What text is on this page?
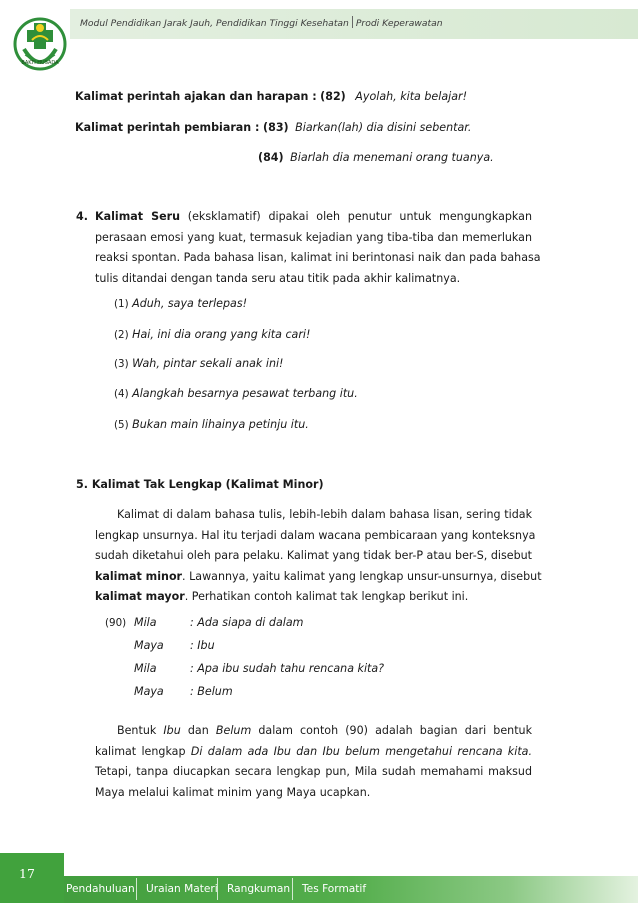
Modul Pendidikan Jarak Jauh, Pendidikan Tinggi Kesehatan Prodi Keperawatan
BAKTI HUSADA
Kalimat perintah ajakan dan harapan : (82) Ayolah, kita belajar!
Kalimat perintah pembiaran : (83) Biarkan(lah) dia disini sebentar.
(84) Biarlah dia menemani orang tuanya.
4. Kalimat Seru (eksklamatif) dipakai oleh penutur untuk mengungkapkan
perasaan emosi yang kuat, termasuk kejadian yang tiba-tiba dan memerlukan
reaksi spontan. Pada bahasa lisan, kalimat ini berintonasi naik dan pada bahasa
tulis ditandai dengan tanda seru atau titik pada akhir kalimatnya.
(1) Aduh, saya terlepas!
(2) Hai, ini dia orang yang kita cari!
(3) Wah, pintar sekali anak ini!
(4) Alangkah besarnya pesawat terbang itu.
(5) Bukan main lihainya petinju itu.
5. Kalimat Tak Lengkap (Kalimat Minor)
Kalimat di dalam bahasa tulis, lebih-lebih dalam bahasa lisan, sering tidak
lengkap unsurnya. Hal itu terjadi dalam wacana pembicaraan yang konteksnya
sudah diketahui oleh para pelaku. Kalimat yang tidak ber-P atau ber-S, disebut
kalimat minor. Lawannya, yaitu kalimat yang lengkap unsur-unsurnya, disebut
kalimat mayor. Perhatikan contoh kalimat tak lengkap berikut ini.
(90) Mila	: Ada siapa di dalam
Maya : Ibu
Mila	: Apa ibu sudah tahu rencana kita?
Maya : Belum
Bentuk Ibu dan Belum dalam contoh (90) adalah bagian dari bentuk
kalimat lengkap Di dalam ada Ibu dan Ibu belum mengetahui rencana kita.
Tetapi, tanpa diucapkan secara lengkap pun, Mila sudah memahami maksud
Maya melalui kalimat minim yang Maya ucapkan.
17
Pendahuluan	Uraian Materi Rangkuman	Tes Formatif
